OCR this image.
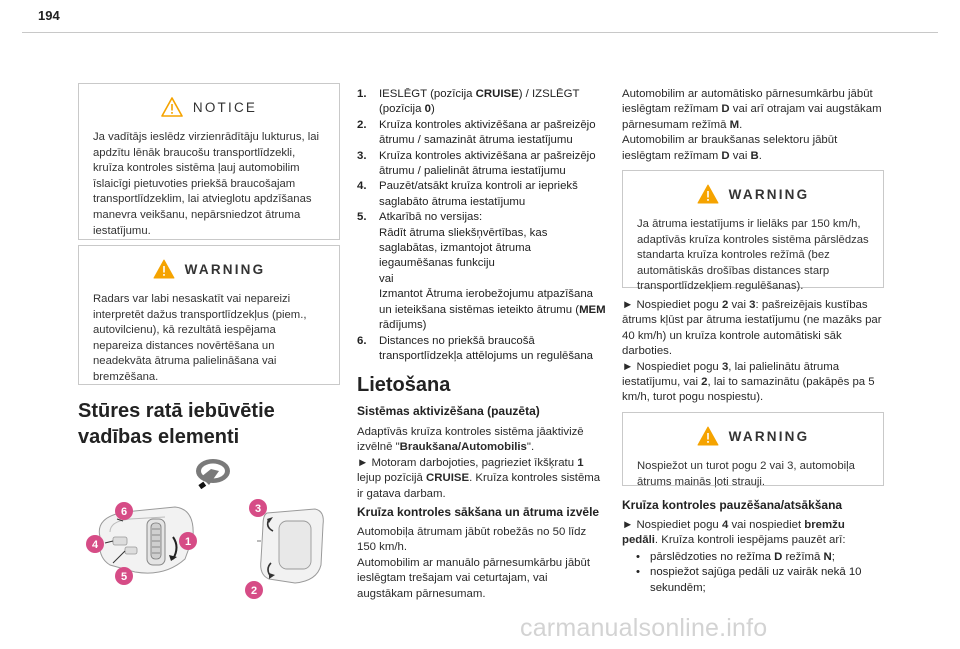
194
NOTICE
Ja vadītājs ieslēdz virzienrādītāju lukturus, lai apdzītu lēnāk braucošu transportlīdzekli, kruīza kontroles sistēma ļauj automobilim īslaicīgi pietuvoties priekšā braucošajam transportlīdzeklim, lai atvieglotu apdzīšanas manevra veikšanu, nepārsniedzot ātruma iestatījumu.
WARNING
Radars var labi nesaskatīt vai nepareizi interpretēt dažus transportlīdzekļus (piem., autovilcienu), kā rezultātā iespējama nepareiza distances novērtēšana un neadekvāta ātruma palielināšana vai bremzēšana.
Stūres ratā iebūvētie vadības elementi
6
4
5
1
3
2
1.	IESLĒGT (pozīcija CRUISE) / IZSLĒGT (pozīcija 0)
2.	Kruīza kontroles aktivizēšana ar pašreizējo ātrumu / samazināt ātruma iestatījumu
3.	Kruīza kontroles aktivizēšana ar pašreizējo ātrumu / palielināt ātruma iestatījumu
4.	Pauzēt/atsākt kruīza kontroli ar iepriekš saglabāto ātruma iestatījumu
5.	Atkarībā no versijas:
Rādīt ātruma sliekšņvērtības, kas saglabātas, izmantojot ātruma iegaumēšanas funkciju
vai
Izmantot Ātruma ierobežojumu atpazīšana un ieteikšana sistēmas ieteikto ātrumu (MEM rādījums)
6.	Distances no priekšā braucošā transportlīdzekļa attēlojums un regulēšana
Lietošana
Sistēmas aktivizēšana (pauzēta)
Adaptīvās kruīza kontroles sistēma jāaktivizē izvēlnē "Braukšana/Automobilis".
► Motoram darbojoties, pagrieziet īkšķratu 1 lejup pozīcijā CRUISE. Kruīza kontroles sistēma ir gatava darbam.
Kruīza kontroles sākšana un ātruma izvēle
Automobiļa ātrumam jābūt robežās no 50 līdz 150 km/h.
Automobilim ar manuālo pārnesumkārbu jābūt ieslēgtam trešajam vai ceturtajam, vai augstākam pārnesumam.
Automobilim ar automātisko pārnesumkārbu jābūt ieslēgtam režīmam D vai arī otrajam vai augstākam pārnesumam režīmā M.
Automobilim ar braukšanas selektoru jābūt ieslēgtam režīmam D vai B.
WARNING
Ja ātruma iestatījums ir lielāks par 150 km/h, adaptīvās kruīza kontroles sistēma pārslēdzas standarta kruīza kontroles režīmā (bez automātiskās drošības distances starp transportlīdzekļiem regulēšanas).
► Nospiediet pogu 2 vai 3: pašreizējais kustības ātrums kļūst par ātruma iestatījumu (ne mazāks par 40 km/h) un kruīza kontrole automātiski sāk darboties.
► Nospiediet pogu 3, lai palielinātu ātruma iestatījumu, vai 2, lai to samazinātu (pakāpēs pa 5 km/h, turot pogu nospiestu).
WARNING
Nospiežot un turot pogu 2 vai 3, automobiļa ātrums mainās ļoti strauji.
Kruīza kontroles pauzēšana/atsākšana
► Nospiediet pogu 4 vai nospiediet bremžu pedāli. Kruīza kontroli iespējams pauzēt arī:
• pārslēdzoties no režīma D režīmā N;
• nospiežot sajūga pedāli uz vairāk nekā 10 sekundēm;
carmanualsonline.info
